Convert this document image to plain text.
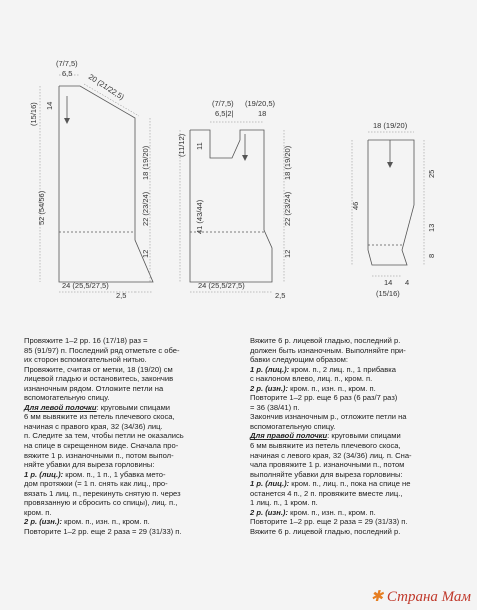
(7/7,5)
6,5 20 (21/22,5)
(15/16) 14
18 (19/20)
22 (23/24)
12
52 (54/56)
24 (25,5/27,5)
2,5
(7/7,5)
6,5|2|
(19/20,5)
18
(11/12) 11	18 (19/20)
22 (23/24)
12
41 (43/44)
24 (25,5/27,5)
2,5
18 (19/20)
25
13
8
46
14 4
(15/16)

Провяжите 1–2 рр. 16 (17/18) раз =
85 (91/97) п. Последний ряд отметьте с обе-
их сторон вспомогательной нитью.
Провяжите, считая от метки, 18 (19/20) см
лицевой гладью и остановитесь, закончив
изнаночным рядом. Отложите петли на
вспомогательную спицу.

Для левой полочки: круговыми спицами
6 мм вывяжите из петель плечевого скоса,
начиная с правого края, 32 (34/36) лиц.
п. Следите за тем, чтобы петли не оказались
на спице в скрещенном виде. Сначала про-
вяжите 1 р. изнаночными п., потом выпол-
няйте убавки для выреза горловины:

1 р. (лиц.): кром. п., 1 п., 1 убавка мето-
дом протяжки (= 1 п. снять как лиц., про-
вязать 1 лиц. п., перекинуть снятую п. через
провязанную и сбросить со спицы), лиц. п.,
кром. п.

2 р. (изн.): кром. п., изн. п., кром. п.
Повторите 1–2 рр. еще 2 раза = 29 (31/33) п.

Вяжите 6 р. лицевой гладью, последний р.
должен быть изнаночным. Выполняйте при-
бавки следующим образом:

1 р. (лиц.): кром. п., 2 лиц. п., 1 прибавка
с наклоном влево, лиц. п., кром. п.

2 р. (изн.): кром. п., изн. п., кром. п.
Повторите 1–2 рр. еще 6 раз (6 раз/7 раз)
= 36 (38/41) п.
Закончив изнаночным р., отложите петли на
вспомогательную спицу.

Для правой полочки: круговыми спицами
6 мм вывяжите из петель плечевого скоса,
начиная с левого края, 32 (34/36) лиц. п. Сна-
чала провяжите 1 р. изнаночными п., потом
выполняйте убавки для выреза горловины:

1 р. (лиц.): кром. п., лиц. п., пока на спице не
останется 4 п., 2 п. провяжите вместе лиц.,
1 лиц. п., 1 кром. п.

2 р. (изн.): кром. п., изн. п., кром. п.
Повторите 1–2 рр. еще 2 раза = 29 (31/33) п.
Вяжите 6 р. лицевой гладью, последний р.

✱ Страна Мам
